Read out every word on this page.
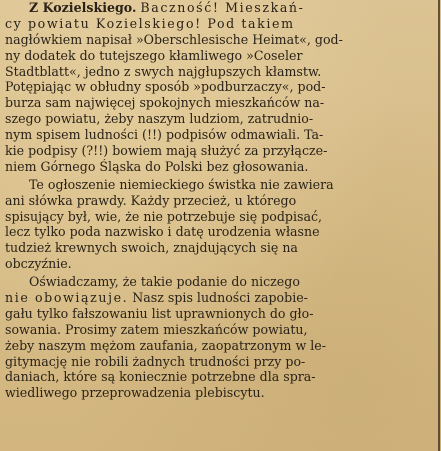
Z Kozielskiego. Baczność! Mieszkań-
cy powiatu Kozielskiego! Pod takiem
nagłówkiem napisał »Oberschlesische Heimat«, god-
ny dodatek do tutejszego kłamliwego »Coseler
Stadtblatt«, jedno z swych najgłupszych kłamstw.
Potępiając w obłudny sposób »podburzaczy«, pod-
burza sam najwięcej spokojnych mieszkańców na-
szego powiatu, żeby naszym ludziom, zatrudnio-
nym spisem ludności (!!) podpisów odmawiali. Ta-
kie podpisy (?!!) bowiem mają służyć za przyłącze-
niem Górnego Śląska do Polski bez głosowania.
Te ogłoszenie niemieckiego świstka nie zawiera
ani słówka prawdy. Każdy przecież, u którego
spisujący był, wie, że nie potrzebuje się podpisać,
lecz tylko poda nazwisko i datę urodzenia własne
tudzież krewnych swoich, znajdujących się na
obczyźnie.
Oświadczamy, że takie podanie do niczego
nie obowiązuje. Nasz spis ludności zapobie-
gału tylko fałszowaniu list uprawnionych do gło-
sowania. Prosimy zatem mieszkańców powiatu,
żeby naszym mężom zaufania, zaopatrzonym w le-
gitymację nie robili żadnych trudności przy po-
daniach, które są koniecznie potrzebne dla spra-
wiedliwego przeprowadzenia plebiscytu.
